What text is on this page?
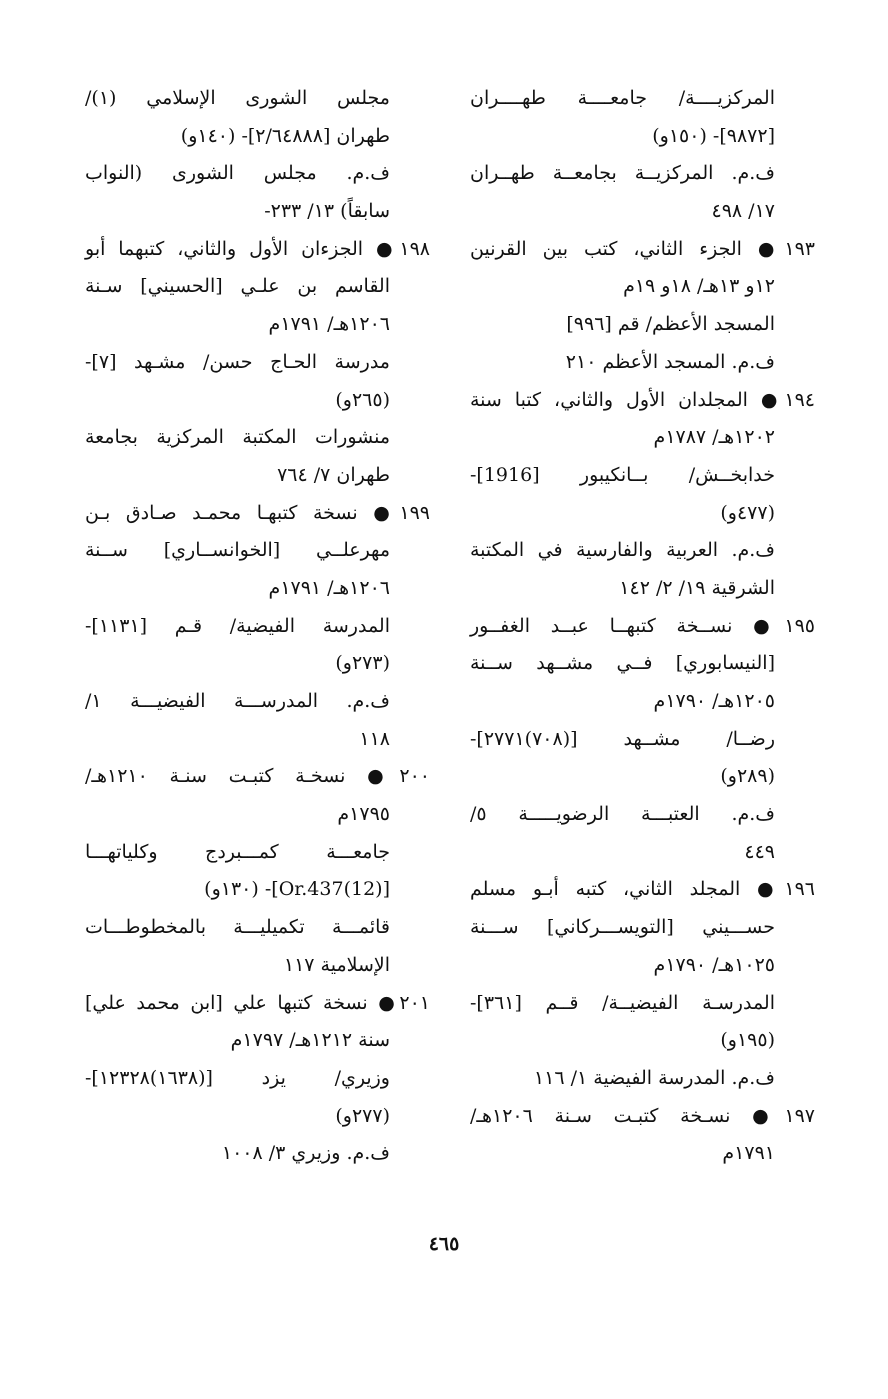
المركزيــــة/ جامعــــة طهــــران
[٩٨٧٢]- (١٥٠و)
ف.م. المركزيــة بجامعــة طهــران
١٧/ ٤٩٨
١٩٣● الجزء الثاني، كتب بين القرنين
١٢و ١٣هـ/ ١٨و ١٩م
المسجد الأعظم/ قم [٩٩٦]
ف.م. المسجد الأعظم ٢١٠
١٩٤● المجلدان الأول والثاني، كتبا سنة
١٢٠٢هـ/ ١٧٨٧م
خدابخــش/ بــانكيبور [1916]-
(٤٧٧و)
ف.م. العربية والفارسية في المكتبة
الشرقية ١٩/ ٢/ ١٤٢
١٩٥● نســخة كتبهــا عبــد الغفــور
[النيسابوري] فــي مشــهد ســنة
١٢٠٥هـ/ ١٧٩٠م
رضــا/ مشــهد [(٧٠٨)٢٧٧١]-
(٢٨٩و)
ف.م. العتبـــة الرضويـــــة ٥/
٤٤٩
١٩٦● المجلد الثاني، كتبه أبـو مسلم
حســـيني [التويســـركاني] ســـنة
١٠٢٥هـ/ ١٧٩٠م
المدرسـة الفيضيــة/ قــم [٣٦١]-
(١٩٥و)
ف.م. المدرسة الفيضية ١/ ١١٦
١٩٧● نسـخة كتبـت سـنة ١٢٠٦هـ/
١٧٩١م
مجلس الشورى الإسلامي (١)/
طهران [٢/٦٤٨٨٨]- (١٤٠و)
ف.م. مجلس الشورى (النواب
سابقاً) ١٣/ ٢٣٣-
١٩٨● الجزءان الأول والثاني، كتبهما أبو
القاسم بن علـي [الحسيني] سـنة
١٢٠٦هـ/ ١٧٩١م
مدرسة الحـاج حسن/ مشـهد [٧]-
(٢٦٥و)
منشورات المكتبة المركزية بجامعة
طهران ٧/ ٧٦٤
١٩٩● نسخة كتبهـا محمـد صـادق بـن
مهرعلــي [الخوانســاري] ســنة
١٢٠٦هـ/ ١٧٩١م
المدرسة الفيضية/ قـم [١١٣١]-
(٢٧٣و)
ف.م. المدرســـة الفيضيـــة ١/
١١٨
٢٠٠● نسخـة كتبـت سنـة ١٢١٠هـ/
١٧٩٥م
جامعـــة كمـــبردج وكلياتهـــا
[Or.437(12)]- (١٣٠و)
قائمـــة تكميليـــة بالمخطوطـــات
الإسلامية ١١٧
٢٠١● نسخة كتبها علي [ابن محمد علي]
سنة ١٢١٢هـ/ ١٧٩٧م
وزيري/ يزد [(١٦٣٨)١٢٣٢٨]-
(٢٧٧و)
ف.م. وزيري ٣/ ١٠٠٨
٤٦٥
